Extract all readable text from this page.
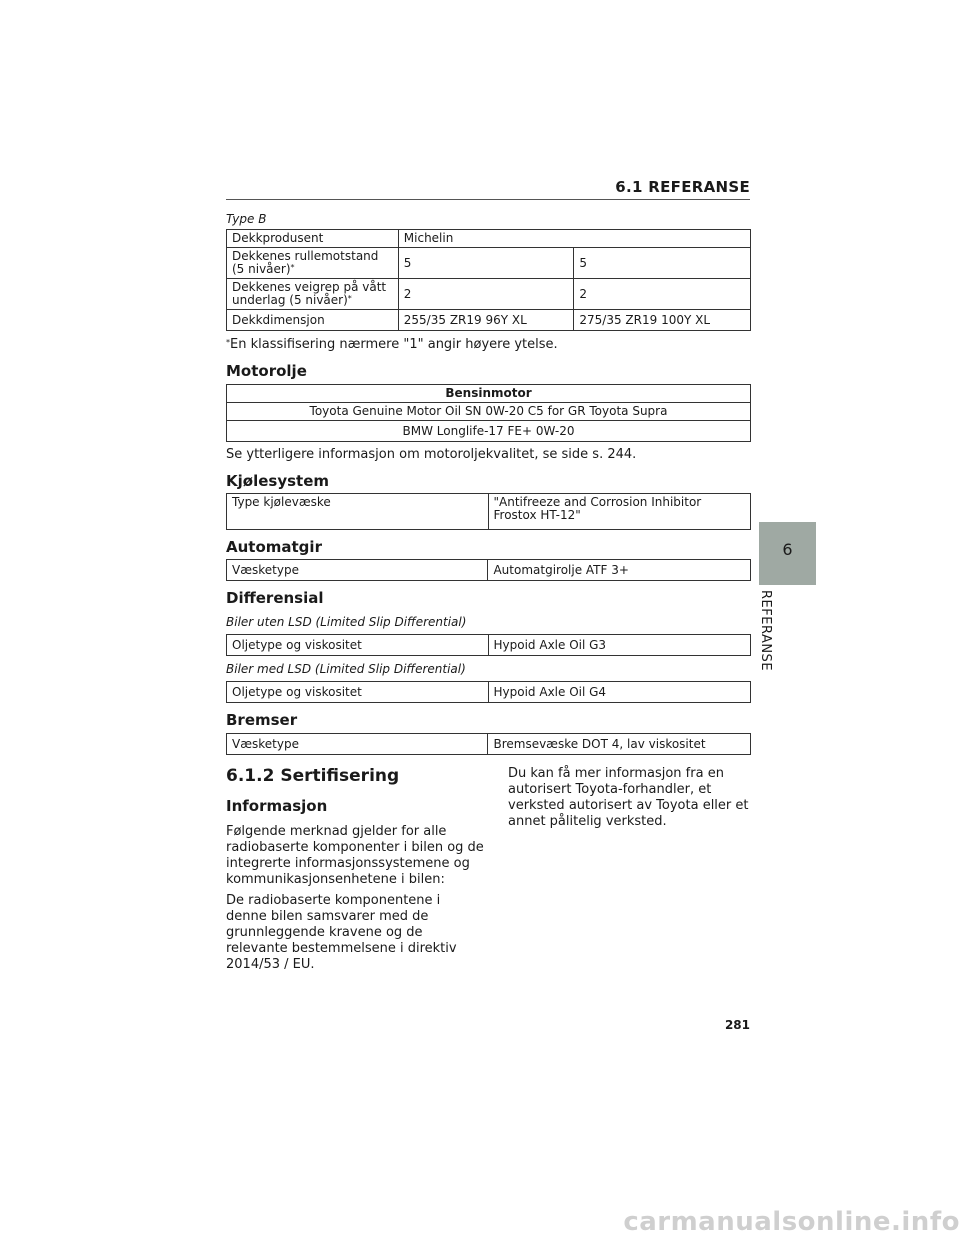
6.1 REFERANSE
Type B
Dekkprodusent	Michelin	
Dekkenes rullemotstand
(5 nivåer)*	5	5
Dekkenes veigrep på vått
underlag (5 nivåer)*	2	2
Dekkdimensjon	255/35 ZR19 96Y XL	275/35 ZR19 100Y XL
*En klassifisering nærmere "1" angir høyere ytelse.
Motorolje
Bensinmotor
Toyota Genuine Motor Oil SN 0W-20 C5 for GR Toyota Supra
BMW Longlife-17 FE+ 0W-20
Se ytterligere informasjon om motoroljekvalitet, se side s. 244.
Kjølesystem
Type kjølevæske	"Antifreeze and Corrosion Inhibitor
Frostox HT-12"
Automatgir
Væsketype	Automatgirolje ATF 3+
Differensial
Biler uten LSD (Limited Slip Differential)
Oljetype og viskositet	Hypoid Axle Oil G3
Biler med LSD (Limited Slip Differential)
Oljetype og viskositet	Hypoid Axle Oil G4
Bremser
Væsketype	Bremsevæske DOT 4, lav viskositet
6.1.2 Sertifisering
Informasjon
Følgende merknad gjelder for alle radiobaserte komponenter i bilen og de integrerte informasjonssystemene og kommunikasjonsenhetene i bilen:
De radiobaserte komponentene i denne bilen samsvarer med de grunnleggende kravene og de relevante bestemmelsene i direktiv 2014/53 / EU.
Du kan få mer informasjon fra en autorisert Toyota-forhandler, et verksted autorisert av Toyota eller et annet pålitelig verksted.
6
REFERANSE
281
carmanualsonline.info
